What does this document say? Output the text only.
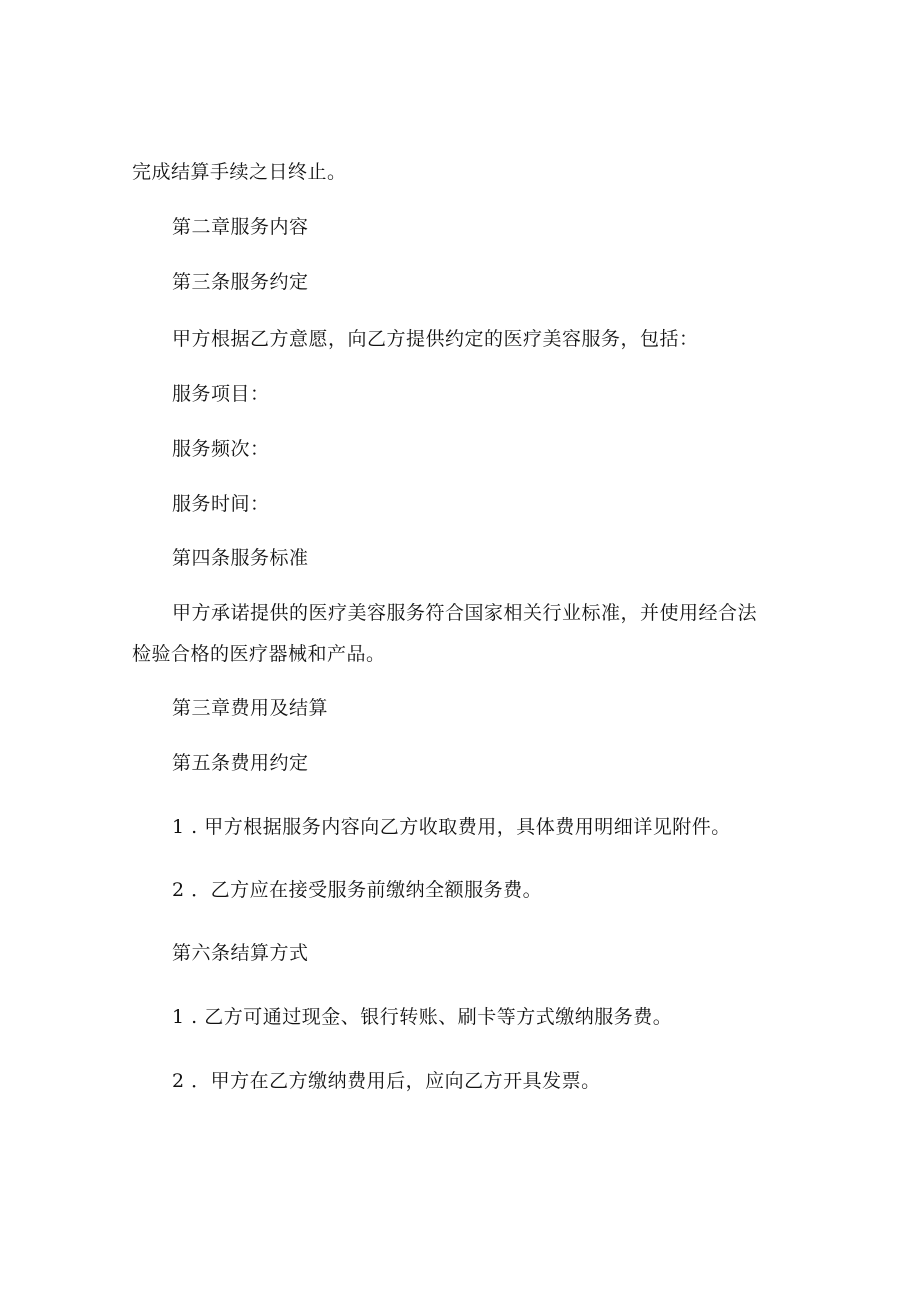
完成结算手续之日终止。
第二章服务内容
第三条服务约定
甲方根据乙方意愿，向乙方提供约定的医疗美容服务，包括：
服务项目：
服务频次：
服务时间：
第四条服务标准
甲方承诺提供的医疗美容服务符合国家相关行业标准，并使用经合法
检验合格的医疗器械和产品。
第三章费用及结算
第五条费用约定
1 . 甲方根据服务内容向乙方收取费用，具体费用明细详见附件。
2 ．乙方应在接受服务前缴纳全额服务费。
第六条结算方式
1 . 乙方可通过现金、银行转账、刷卡等方式缴纳服务费。
2 ．甲方在乙方缴纳费用后，应向乙方开具发票。
